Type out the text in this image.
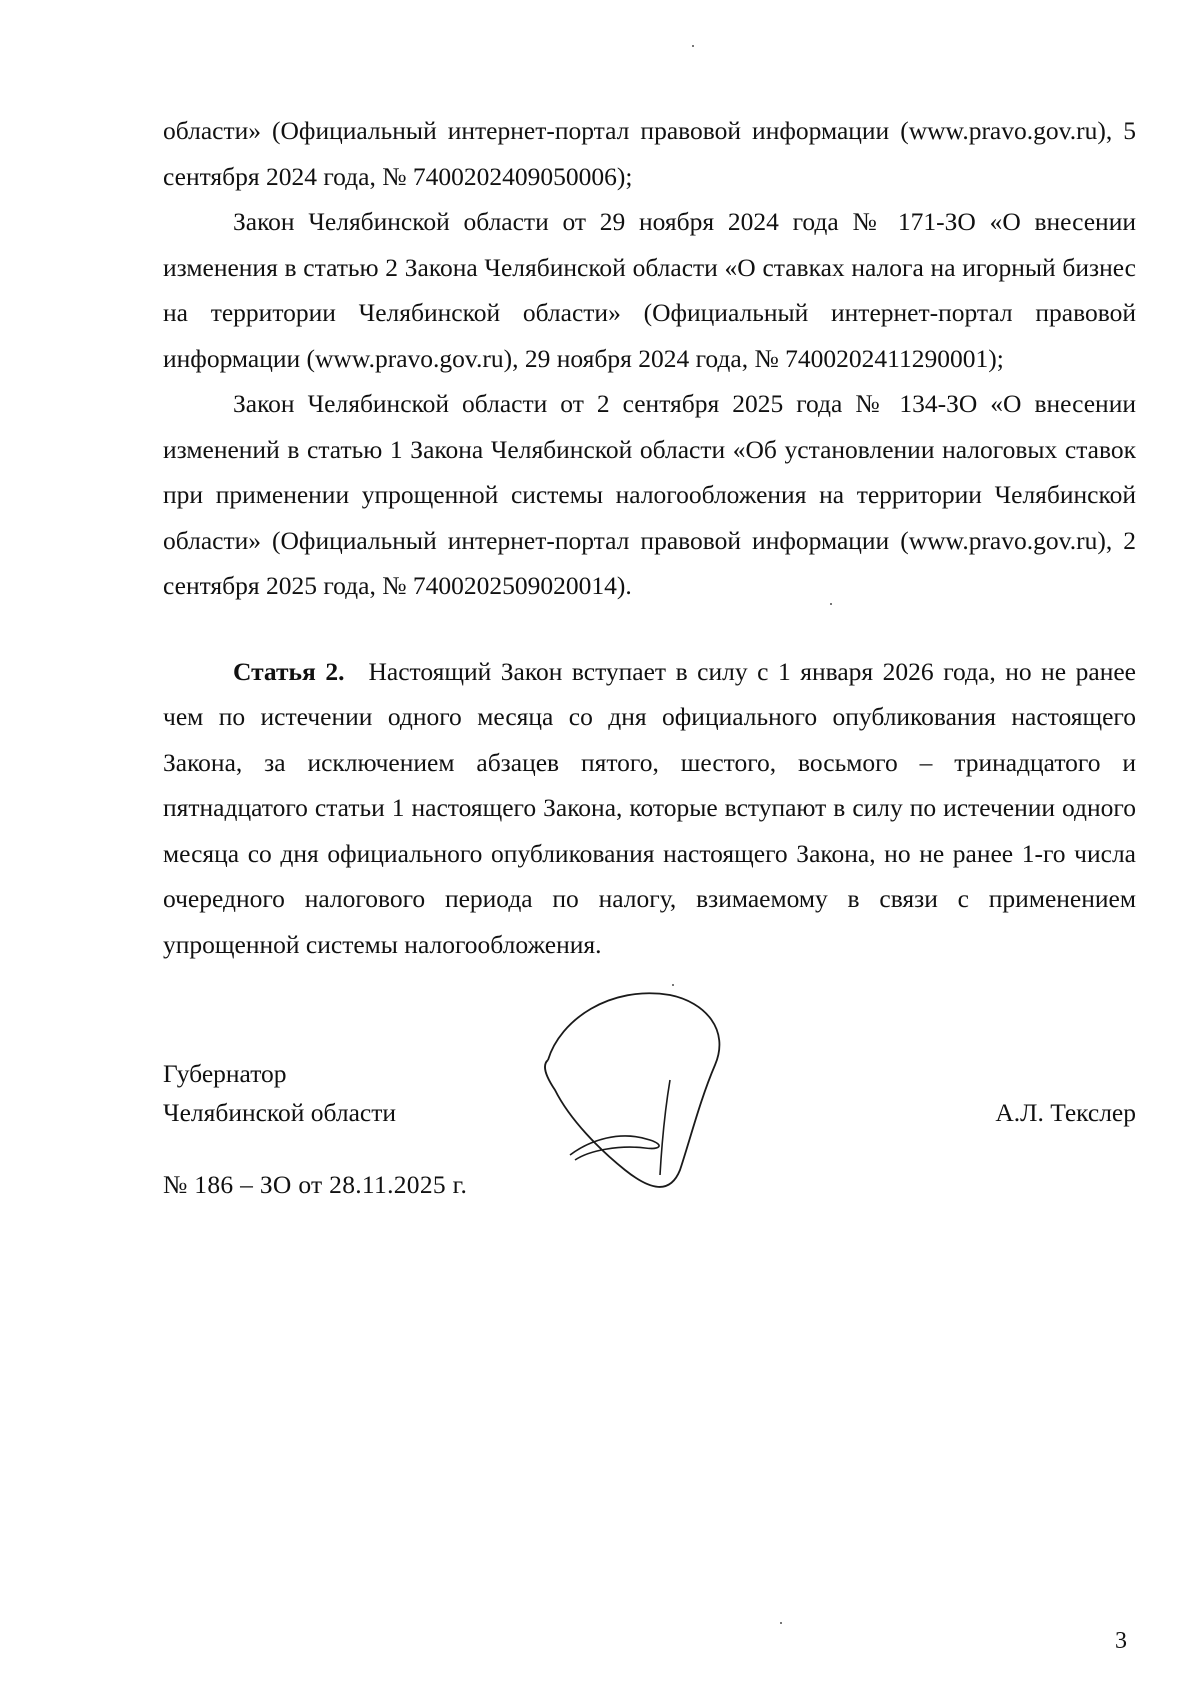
области» (Официальный интернет-портал правовой информации (www.pravo.gov.ru), 5 сентября 2024 года, № 7400202409050006);

Закон Челябинской области от 29 ноября 2024 года № 171-ЗО «О внесении изменения в статью 2 Закона Челябинской области «О ставках налога на игорный бизнес на территории Челябинской области» (Официальный интернет-портал правовой информации (www.pravo.gov.ru), 29 ноября 2024 года, № 7400202411290001);

Закон Челябинской области от 2 сентября 2025 года № 134-ЗО «О внесении изменений в статью 1 Закона Челябинской области «Об установлении налоговых ставок при применении упрощенной системы налогообложения на территории Челябинской области» (Официальный интернет-портал правовой информации (www.pravo.gov.ru), 2 сентября 2025 года, № 7400202509020014).

Статья 2. Настоящий Закон вступает в силу с 1 января 2026 года, но не ранее чем по истечении одного месяца со дня официального опубликования настоящего Закона, за исключением абзацев пятого, шестого, восьмого – тринадцатого и пятнадцатого статьи 1 настоящего Закона, которые вступают в силу по истечении одного месяца со дня официального опубликования настоящего Закона, но не ранее 1-го числа очередного налогового периода по налогу, взимаемому в связи с применением упрощенной системы налогообложения.

Губернатор
Челябинской области	А.Л. Текслер
№ 186 – ЗО от 28.11.2025 г.
3
